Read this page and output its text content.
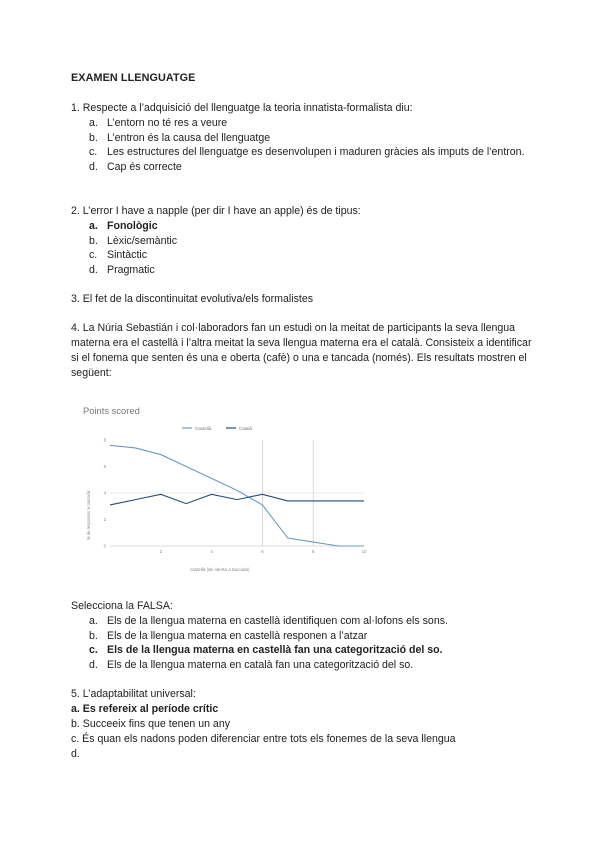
EXAMEN LLENGUATGE
1. Respecte a l’adquisició del llenguatge la teoria innatista-formalista diu:
a. L’entorn no té res a veure
b. L’entron és la causa del llenguatge
c. Les estructures del llenguatge es desenvolupen i maduren gràcies als imputs de l’entron.
d. Cap és correcte
2. L’error I have a napple (per dir I have an apple) és de tipus:
a. Fonològic
b. Lèxic/semàntic
c. Sintàctic
d. Pragmatic
3. El fet de la discontinuitat evolutiva/els formalistes
4. La Núria Sebastián i col·laboradors fan un estudi on la meitat de participants la seva llengua materna era el castellà i l’altra meitat la seva llengua materna era el català. Consisteix a identificar si el fonema que senten és una e oberta (cafè) o una e tancada (només). Els resultats mostren el següent:
Points scored
Castellà	Català
0
2
4
6
8
2	4	6	8	10
castellà (de oberta a tancada)
% de respostes 'e tancada'
Selecciona la FALSA:
a. Els de la llengua materna en castellà identifiquen com al·lofons els sons.
b. Els de la llengua materna en castellà responen a l’atzar
c. Els de la llengua materna en castellà fan una categorització del so.
d. Els de la llengua materna en català fan una categorització del so.

5. L’adaptabilitat universal:

a. Es refereix al període crític

b. Succeeix fins que tenen un any

c. És quan els nadons poden diferenciar entre tots els fonemes de la seva llengua

d.
